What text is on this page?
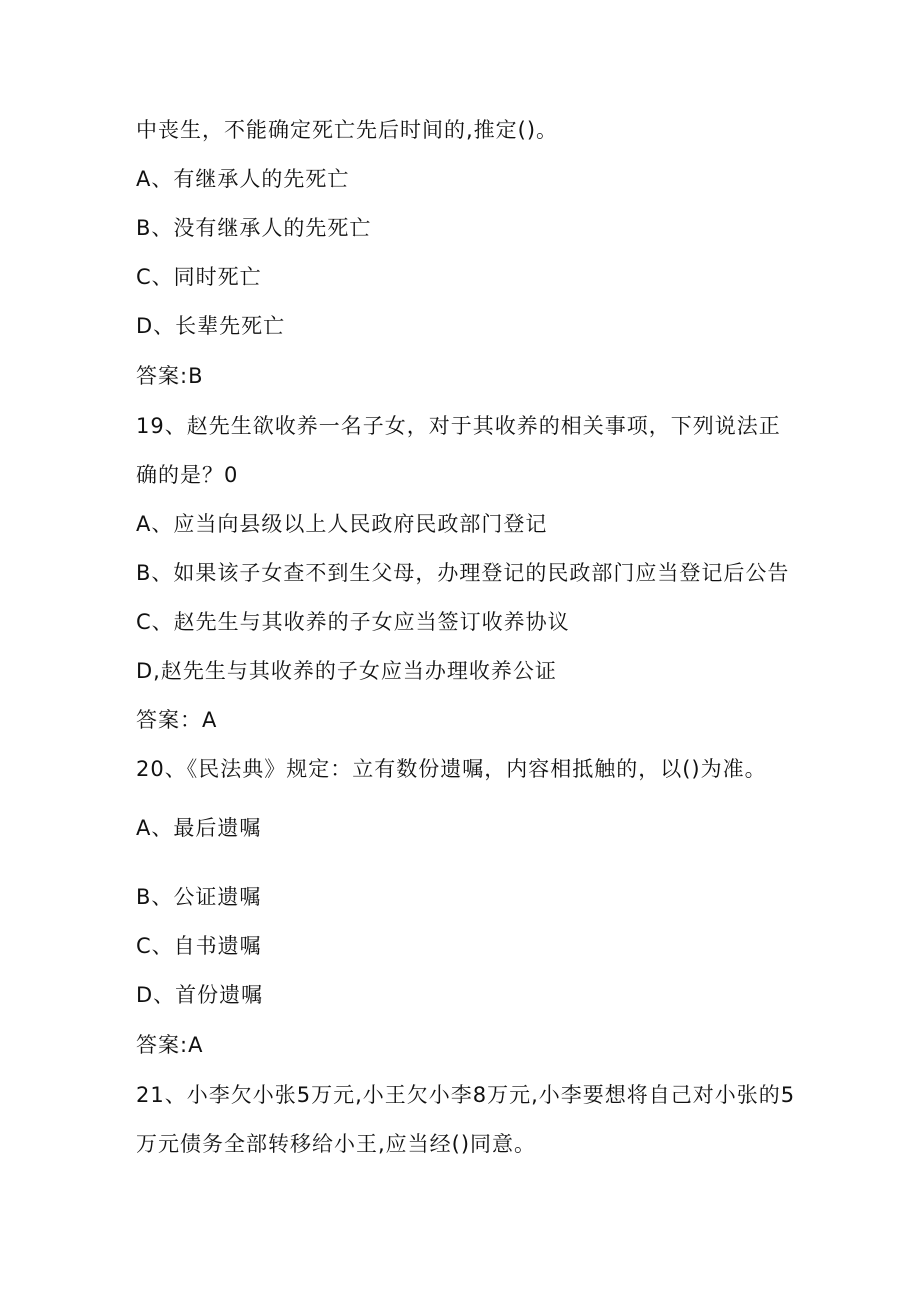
中丧生，不能确定死亡先后时间的,推定()。
A、有继承人的先死亡
B、没有继承人的先死亡
C、同时死亡
D、长辈先死亡
答案:B
19、赵先生欲收养一名子女，对于其收养的相关事项，下列说法正
确的是？0
A、应当向县级以上人民政府民政部门登记
B、如果该子女查不到生父母，办理登记的民政部门应当登记后公告
C、赵先生与其收养的子女应当签订收养协议
D,赵先生与其收养的子女应当办理收养公证
答案：A
20、《民法典》规定：立有数份遗嘱，内容相抵触的，以()为准。
A、最后遗嘱
B、公证遗嘱
C、自书遗嘱
D、首份遗嘱
答案:A
21、小李欠小张5万元,小王欠小李8万元,小李要想将自己对小张的5
万元债务全部转移给小王,应当经()同意。
